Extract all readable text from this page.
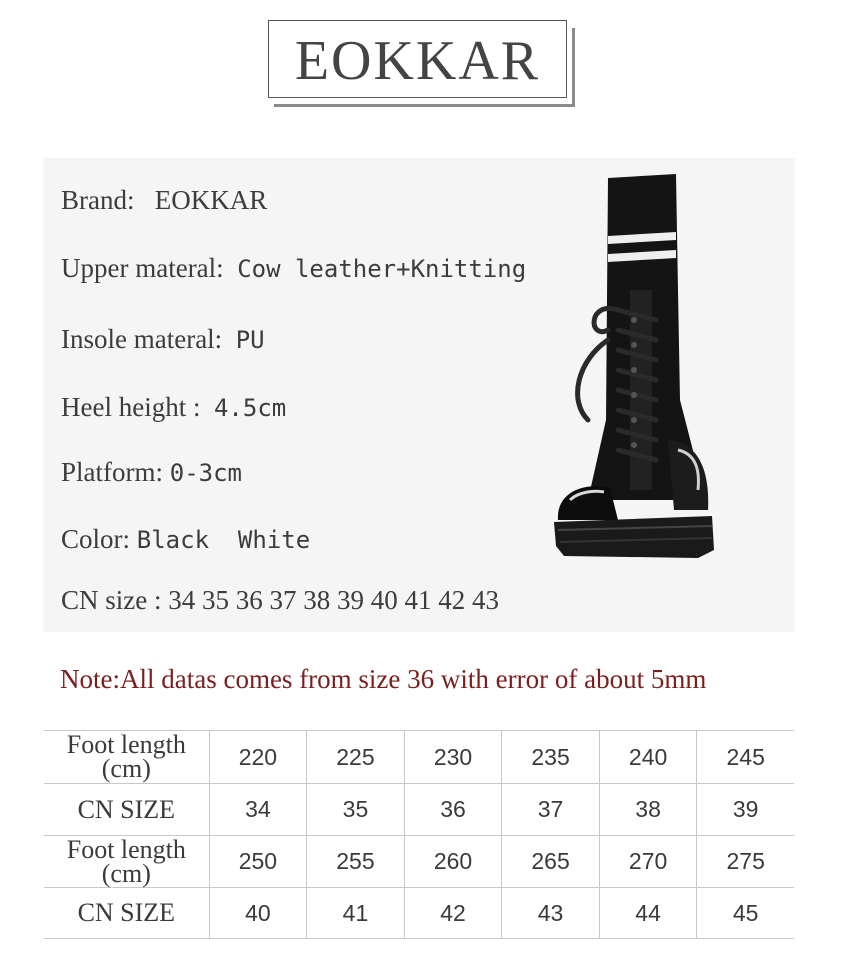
EOKKAR
Brand: EOKKAR
Upper materal: Cow leather+Knitting
Insole materal: PU
Heel height : 4.5cm
Platform: 0-3cm
Color: Black  White
CN size : 34 35 36 37 38 39 40 41 42 43
Note:All datas comes from size 36 with error of about 5mm
Foot length
(cm)	220	225	230	235	240	245
CN SIZE	34	35	36	37	38	39
Foot length
(cm)	250	255	260	265	270	275
CN SIZE	40	41	42	43	44	45
